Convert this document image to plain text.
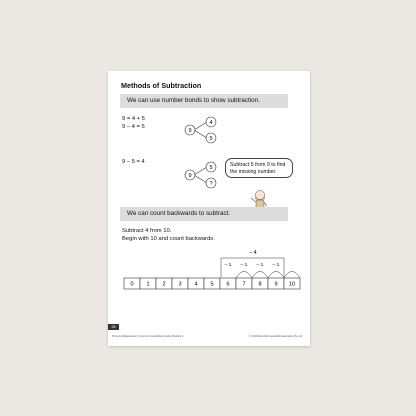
Methods of Subtraction
We can use number bonds to show subtraction.
9 = 4 + 5
9 – 4 = 5
9
4
5
9
5
?
– 4
– 1 – 1 – 1 – 1
0 1 2 3 4 5 6 7 8 9 10
Subtract 5 from 9 to find the missing number.
9 – 5 = 4
We can count backwards to subtract.
Subtract 4 from 10.
Begin with 10 and count backwards.
28
Primary Mathematics (Common Core Edition) Extra Practice 1	© 2014 Marshall Cavendish Education Pte Ltd
